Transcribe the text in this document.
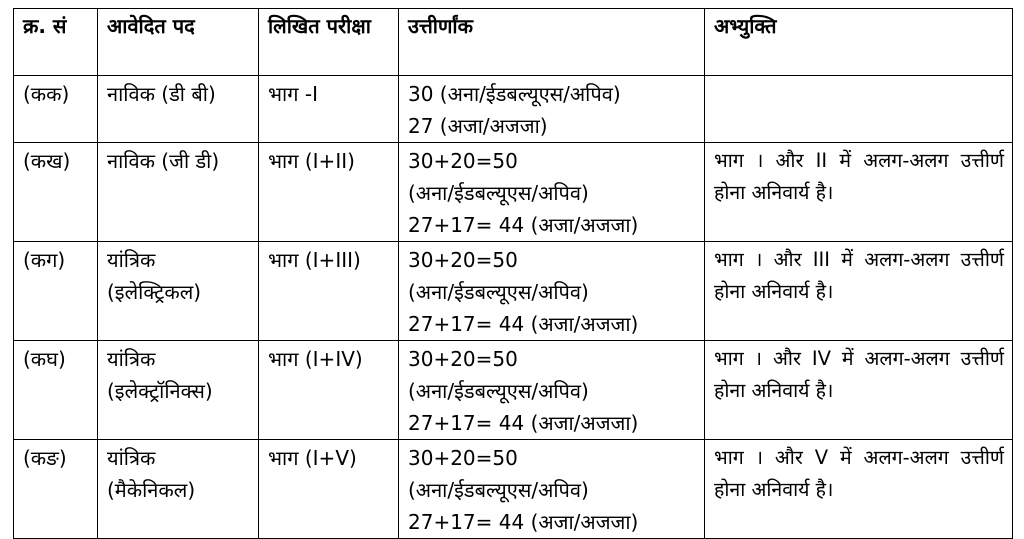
क्र. सं	आवेदित पद	लिखित परीक्षा	उत्तीर्णांक	अभ्युक्ति
(कक)	नाविक (डी बी)	भाग -I	30 (अना/ईडबल्यूएस/अपिव)
27 (अजा/अजजा)	

(कख)	नाविक (जी डी)	भाग (I+II)	30+20=50
(अना/ईडबल्यूएस/अपिव)
27+17= 44 (अजा/अजजा)	भाग । और II में अलग-अलग उत्तीर्ण होना अनिवार्य है।
(कग)	यांत्रिक
(इलेक्ट्रिकल)	भाग (I+III)	30+20=50
(अना/ईडबल्यूएस/अपिव)
27+17= 44 (अजा/अजजा)	भाग । और III में अलग-अलग उत्तीर्ण होना अनिवार्य है।
(कघ)	यांत्रिक
(इलेक्ट्रॉनिक्स)	भाग (I+IV)	30+20=50
(अना/ईडबल्यूएस/अपिव)
27+17= 44 (अजा/अजजा)	भाग । और IV में अलग-अलग उत्तीर्ण होना अनिवार्य है।
(कङ)	यांत्रिक
(मैकेनिकल)	भाग (I+V)	30+20=50
(अना/ईडबल्यूएस/अपिव)
27+17= 44 (अजा/अजजा)	भाग । और V में अलग-अलग उत्तीर्ण होना अनिवार्य है।
